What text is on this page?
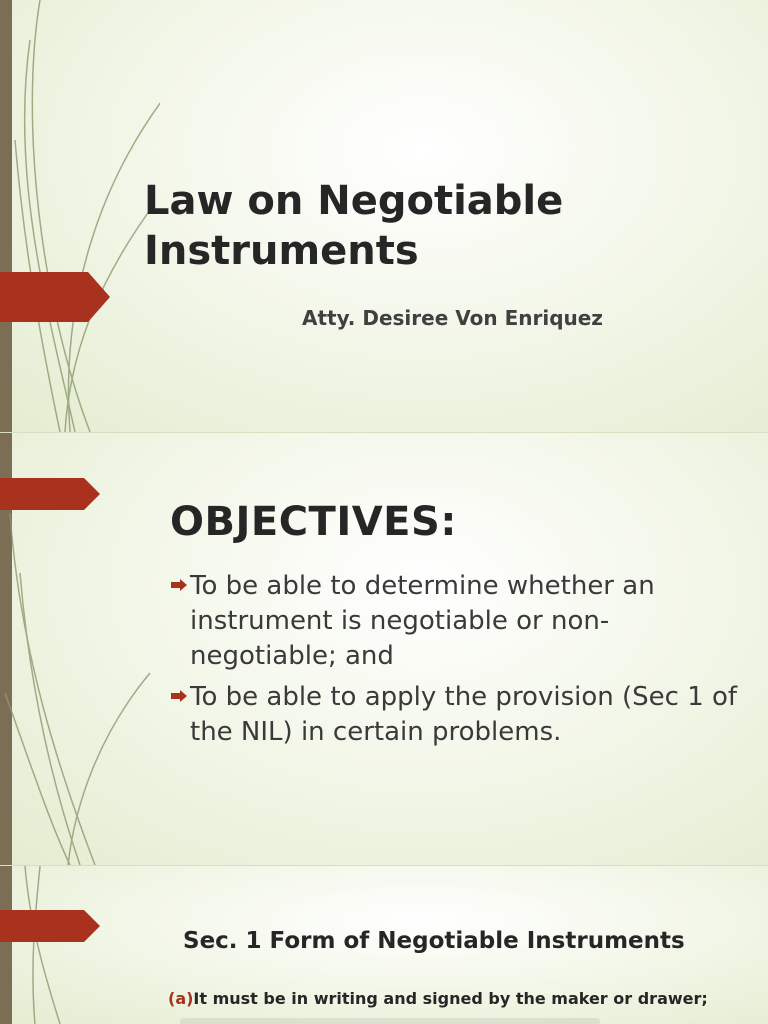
Law on Negotiable Instruments

Atty. Desiree Von Enriquez

OBJECTIVES:
To be able to determine whether an instrument is negotiable or non-negotiable; and
To be able to apply the provision (Sec 1 of the NIL) in certain problems.
Sec. 1 Form of Negotiable Instruments

(a)It must be in writing and signed by the maker or drawer;
